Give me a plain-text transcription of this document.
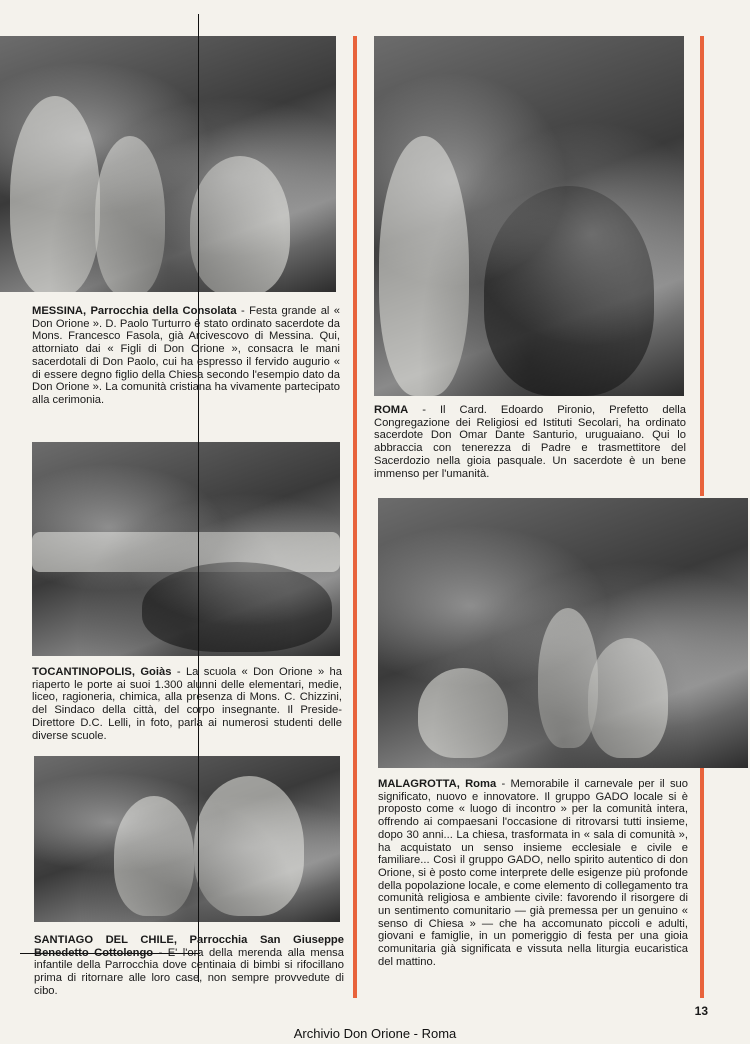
MESSINA, Parrocchia della Consolata - Festa grande al « Don Orione ». D. Paolo Turturro è stato ordinato sacerdote da Mons. Francesco Fasola, già Arcivescovo di Messina. Qui, attorniato dai « Figli di Don Orione », consacra le mani sacerdotali di Don Paolo, cui ha espresso il fervido augurio « di essere degno figlio della Chiesa secondo l'esempio dato da Don Orione ». La comunità cristiana ha vivamente partecipato alla cerimonia.

ROMA - Il Card. Edoardo Pironio, Prefetto della Congregazione dei Religiosi ed Istituti Secolari, ha ordinato sacerdote Don Omar Dante Santurio, uruguaiano. Qui lo abbraccia con tenerezza di Padre e trasmettitore del Sacerdozio nella gioia pasquale. Un sacerdote è un bene immenso per l'umanità.

TOCANTINOPOLIS, Goiàs - La scuola « Don Orione » ha riaperto le porte ai suoi 1.300 alunni delle elementari, medie, liceo, ragioneria, chimica, alla presenza di Mons. C. Chizzini, del Sindaco della città, del corpo insegnante. Il Preside-Direttore D.C. Lelli, in foto, parla ai numerosi studenti delle diverse scuole.

MALAGROTTA, Roma - Memorabile il carnevale per il suo significato, nuovo e innovatore. Il gruppo GADO locale si è proposto come « luogo di incontro » per la comunità intera, offrendo ai compaesani l'occasione di ritrovarsi tutti insieme, dopo 30 anni... La chiesa, trasformata in « sala di comunità », ha acquistato un senso insieme ecclesiale e civile e familiare... Così il gruppo GADO, nello spirito autentico di don Orione, si è posto come interprete delle esigenze più profonde della popolazione locale, e come elemento di collegamento tra comunità religiosa e ambiente civile: favorendo il risorgere di un sentimento comunitario — già premessa per un genuino « senso di Chiesa » — che ha accomunato piccoli e adulti, giovani e famiglie, in un pomeriggio di festa per una gioia comunitaria già significata e vissuta nella liturgia eucaristica del mattino.

SANTIAGO DEL CHILE, Parrocchia San Giuseppe Benedetto Cottolengo - E' l'ora della merenda alla mensa infantile della Parrocchia dove centinaia di bimbi si rifocillano prima di ritornare alle loro case, non sempre provvedute di cibo.

13
Archivio Don Orione - Roma
